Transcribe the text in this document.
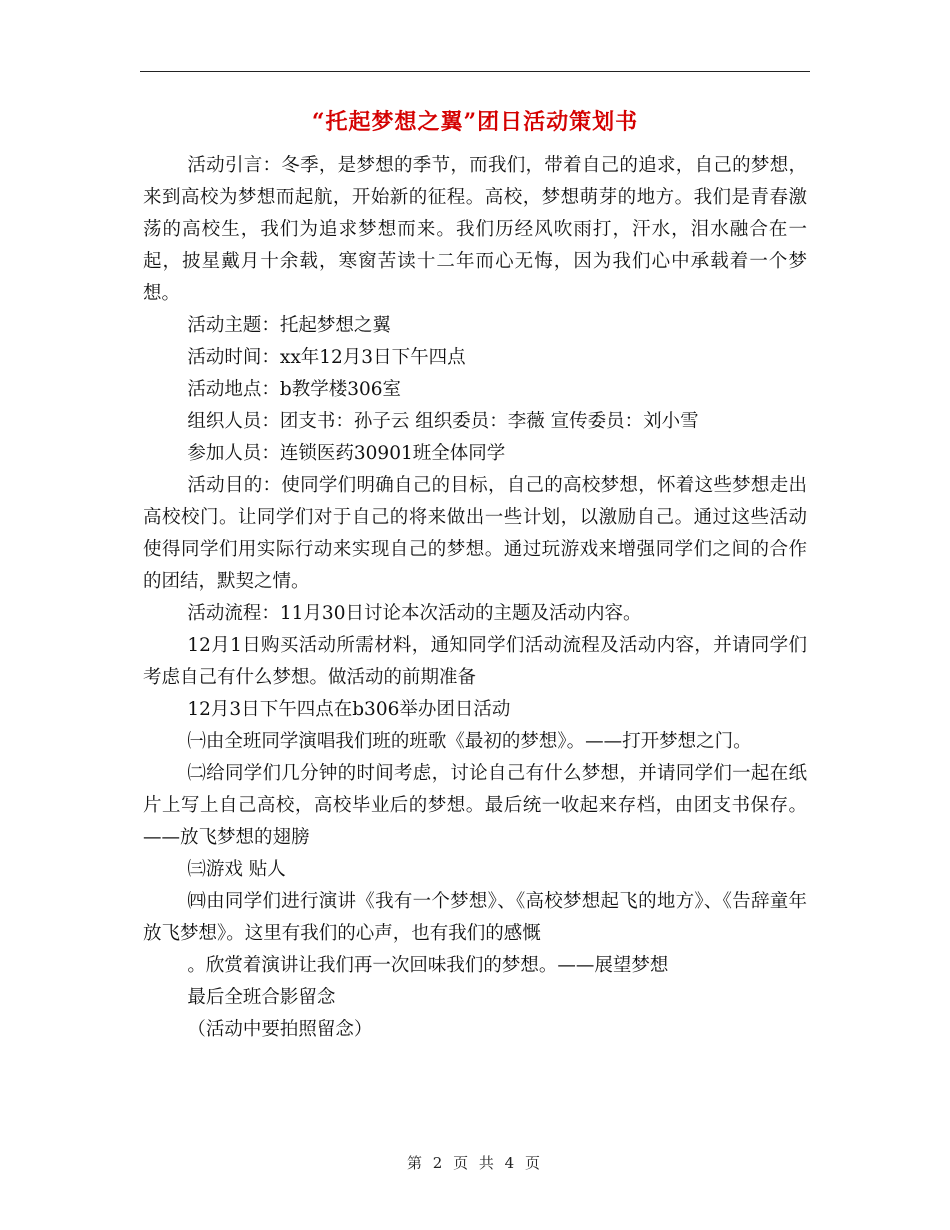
“托起梦想之翼”团日活动策划书

活动引言：冬季，是梦想的季节，而我们，带着自己的追求，自己的梦想，来到高校为梦想而起航，开始新的征程。高校，梦想萌芽的地方。我们是青春激荡的高校生，我们为追求梦想而来。我们历经风吹雨打，汗水，泪水融合在一起，披星戴月十余载，寒窗苦读十二年而心无悔，因为我们心中承载着一个梦想。

活动主题：托起梦想之翼

活动时间：xx年12月3日下午四点

活动地点：b教学楼306室

组织人员：团支书：孙子云 组织委员：李薇 宣传委员：刘小雪

参加人员：连锁医药30901班全体同学

活动目的：使同学们明确自己的目标，自己的高校梦想，怀着这些梦想走出高校校门。让同学们对于自己的将来做出一些计划，以激励自己。通过这些活动使得同学们用实际行动来实现自己的梦想。通过玩游戏来增强同学们之间的合作的团结，默契之情。

活动流程：11月30日讨论本次活动的主题及活动内容。

12月1日购买活动所需材料，通知同学们活动流程及活动内容，并请同学们考虑自己有什么梦想。做活动的前期准备

12月3日下午四点在b306举办团日活动

㈠由全班同学演唱我们班的班歌《最初的梦想》。——打开梦想之门。

㈡给同学们几分钟的时间考虑，讨论自己有什么梦想，并请同学们一起在纸片上写上自己高校，高校毕业后的梦想。最后统一收起来存档，由团支书保存。——放飞梦想的翅膀

㈢游戏 贴人

㈣由同学们进行演讲《我有一个梦想》、《高校梦想起飞的地方》、《告辞童年 放飞梦想》。这里有我们的心声，也有我们的感慨

。欣赏着演讲让我们再一次回味我们的梦想。——展望梦想

最后全班合影留念

（活动中要拍照留念）

第 2 页 共 4 页
